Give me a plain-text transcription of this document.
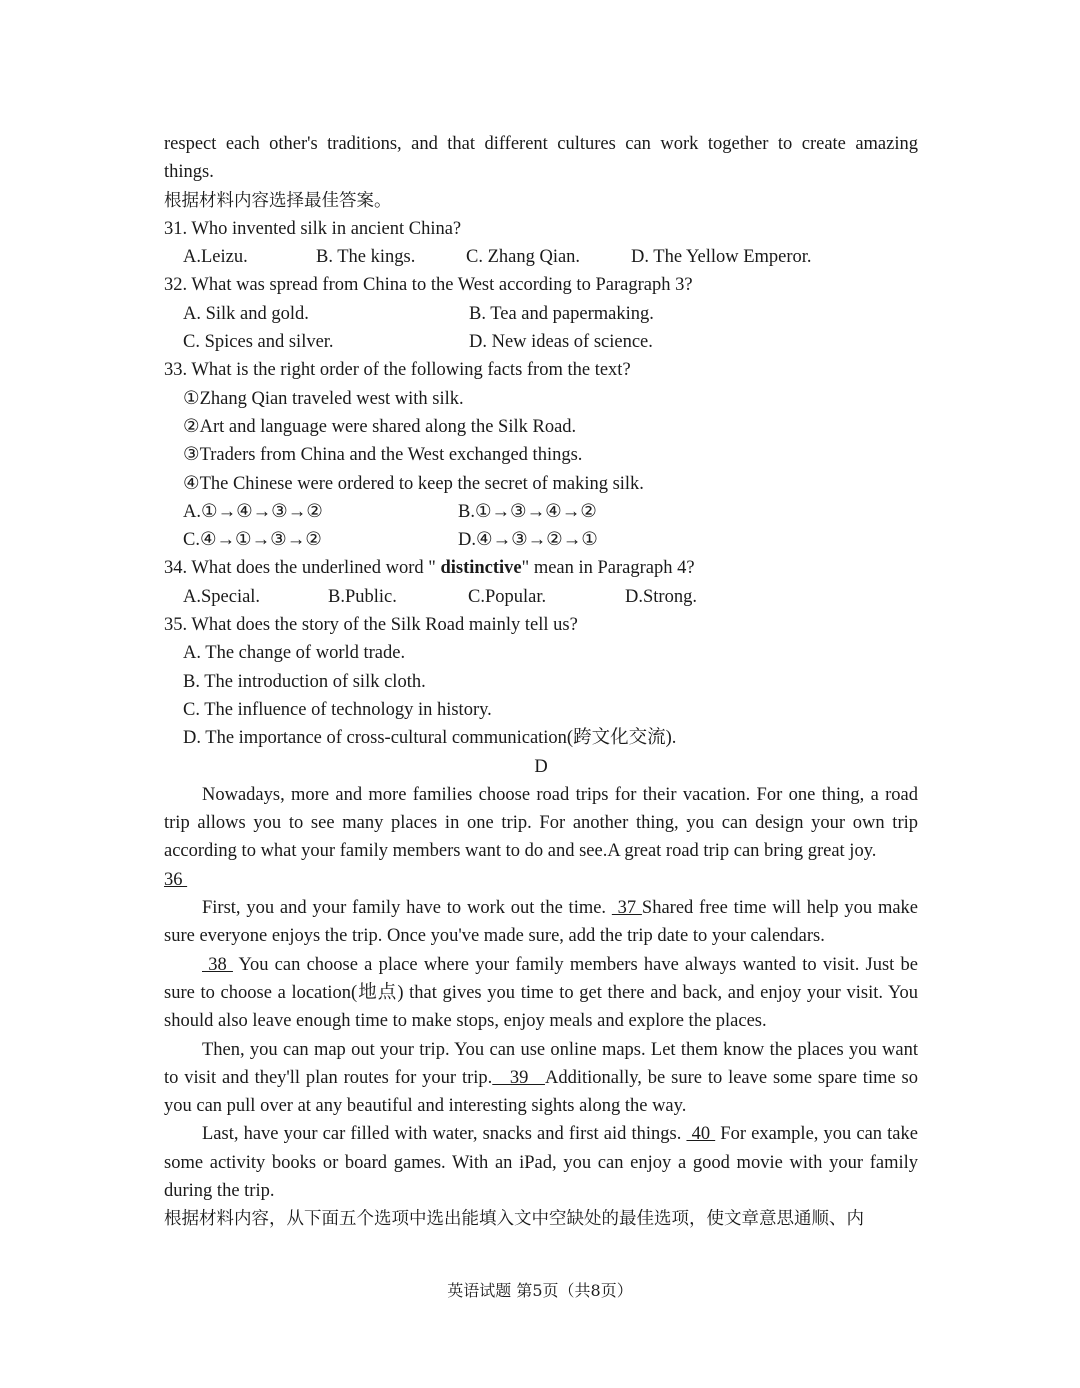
respect each other's traditions, and that different cultures can work together to create amazing
things.
根据材料内容选择最佳答案。
31. Who invented silk in ancient China?
A.Leizu.	B. The kings.	C. Zhang Qian.	D. The Yellow Emperor.
32. What was spread from China to the West according to Paragraph 3?
A. Silk and gold.	B. Tea and papermaking.
C. Spices and silver.	D. New ideas of science.
33. What is the right order of the following facts from the text?
①Zhang Qian traveled west with silk.
②Art and language were shared along the Silk Road.
③Traders from China and the West exchanged things.
④The Chinese were ordered to keep the secret of making silk.
A.①→④→③→②	B.①→③→④→②
C.④→①→③→②	D.④→③→②→①
34. What does the underlined word " distinctive" mean in Paragraph 4?
A.Special.	B.Public.	C.Popular.	D.Strong.
35. What does the story of the Silk Road mainly tell us?
A. The change of world trade.
B. The introduction of silk cloth.
C. The influence of technology in history.
D. The importance of cross-cultural communication(跨文化交流).
D
Nowadays, more and more families choose road trips for their vacation. For one thing, a road trip allows you to see many places in one trip. For another thing, you can design your own trip according to what your family members want to do and see.A great road trip can bring great joy.
36
First, you and your family have to work out the time.  37 Shared free time will help you make sure everyone enjoys the trip. Once you've made sure, add the trip date to your calendars.
38  You can choose a place where your family members have always wanted to visit. Just be sure to choose a location(地点) that gives you time to get there and back, and enjoy your visit. You should also leave enough time to make stops, enjoy meals and explore the places.
Then, you can map out your trip. You can use online maps. Let them know the places you want to visit and they'll plan routes for your trip.   39   Additionally, be sure to leave some spare time so you can pull over at any beautiful and interesting sights along the way.
Last, have your car filled with water, snacks and first aid things.  40  For example, you can take some activity books or board games. With an iPad, you can enjoy a good movie with your family during the trip.
根据材料内容，从下面五个选项中选出能填入文中空缺处的最佳选项，使文章意思通顺、内
英语试题 第5页（共8页）
